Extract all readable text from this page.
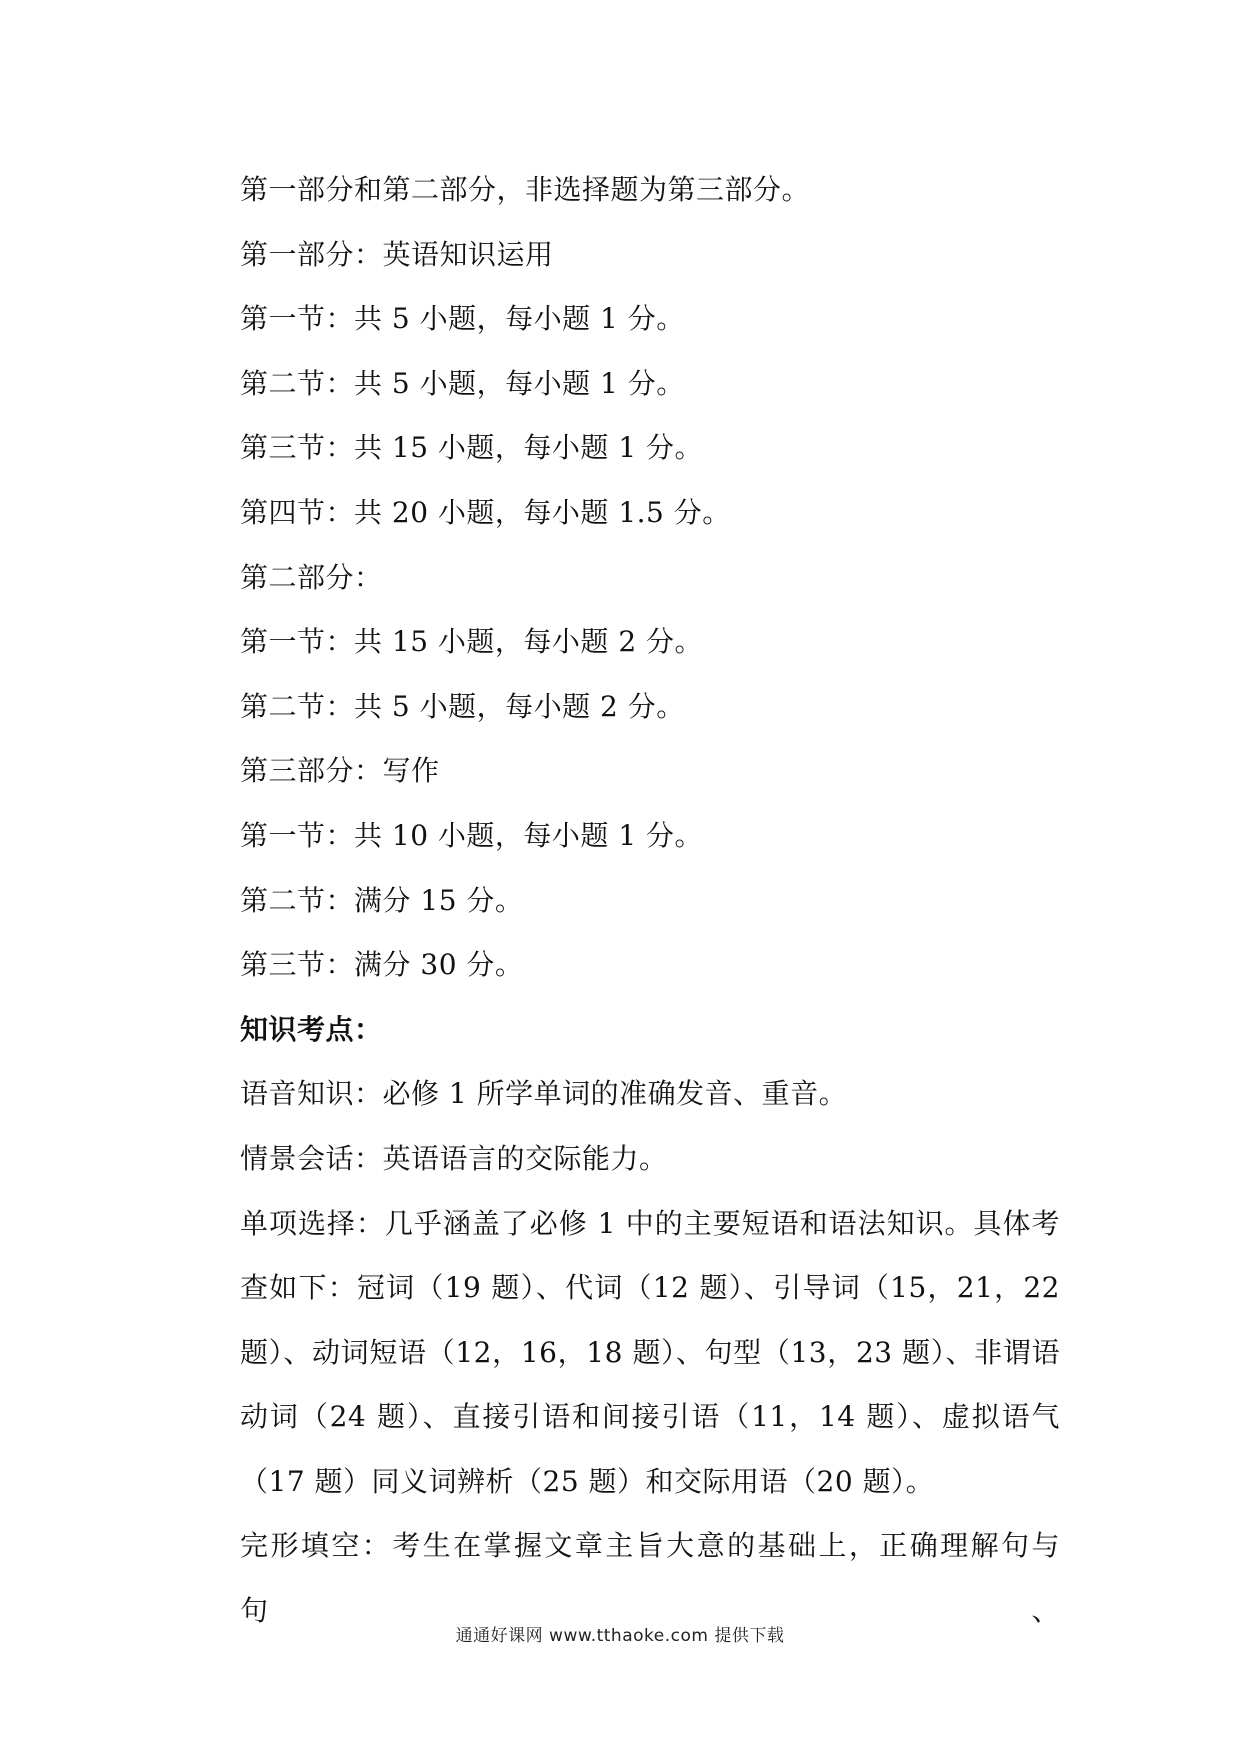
第一部分和第二部分，非选择题为第三部分。
第一部分：英语知识运用
第一节：共 5 小题，每小题 1 分。
第二节：共 5 小题，每小题 1 分。
第三节：共 15 小题，每小题 1 分。
第四节：共 20 小题，每小题 1.5 分。
第二部分：
第一节：共 15 小题，每小题 2 分。
第二节：共 5 小题，每小题 2 分。
第三部分：写作
第一节：共 10 小题，每小题 1 分。
第二节：满分 15 分。
第三节：满分 30 分。
知识考点：
语音知识：必修 1 所学单词的准确发音、重音。
情景会话：英语语言的交际能力。
单项选择：几乎涵盖了必修 1 中的主要短语和语法知识。具体考查如下：冠词（19 题）、代词（12 题）、引导词（15，21，22 题）、动词短语（12，16，18 题）、句型（13，23 题）、非谓语动词（24 题）、直接引语和间接引语（11，14 题）、虚拟语气（17 题）同义词辨析（25 题）和交际用语（20 题）。
完形填空：考生在掌握文章主旨大意的基础上，正确理解句与句、
通通好课网 www.tthaoke.com 提供下载
